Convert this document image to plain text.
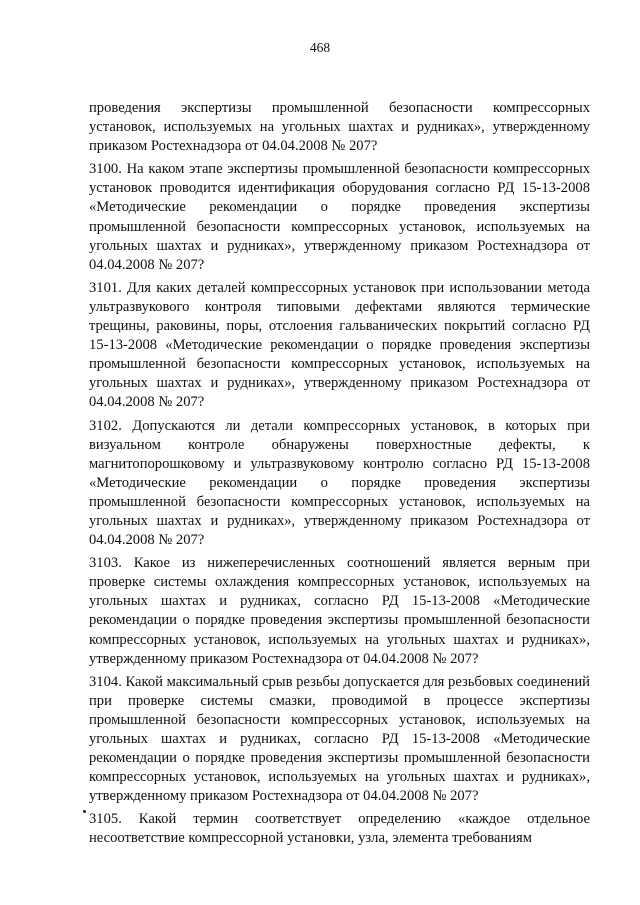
468

проведения экспертизы промышленной безопасности компрессорных установок, используемых на угольных шахтах и рудниках», утвержденному приказом Ростехнадзора от 04.04.2008 № 207?

3100. На каком этапе экспертизы промышленной безопасности компрессорных установок проводится идентификация оборудования согласно РД 15-13-2008 «Методические рекомендации о порядке проведения экспертизы промышленной безопасности компрессорных установок, используемых на угольных шахтах и рудниках», утвержденному приказом Ростехнадзора от 04.04.2008 № 207?

3101. Для каких деталей компрессорных установок при использовании метода ультразвукового контроля типовыми дефектами являются термические трещины, раковины, поры, отслоения гальванических покрытий согласно РД 15-13-2008 «Методические рекомендации о порядке проведения экспертизы промышленной безопасности компрессорных установок, используемых на угольных шахтах и рудниках», утвержденному приказом Ростехнадзора от 04.04.2008 № 207?

3102. Допускаются ли детали компрессорных установок, в которых при визуальном контроле обнаружены поверхностные дефекты, к магнитопорошковому и ультразвуковому контролю согласно РД 15-13-2008 «Методические рекомендации о порядке проведения экспертизы промышленной безопасности компрессорных установок, используемых на угольных шахтах и рудниках», утвержденному приказом Ростехнадзора от 04.04.2008 № 207?

3103. Какое из нижеперечисленных соотношений является верным при проверке системы охлаждения компрессорных установок, используемых на угольных шахтах и рудниках, согласно РД 15-13-2008 «Методические рекомендации о порядке проведения экспертизы промышленной безопасности компрессорных установок, используемых на угольных шахтах и рудниках», утвержденному приказом Ростехнадзора от 04.04.2008 № 207?

3104. Какой максимальный срыв резьбы допускается для резьбовых соединений при проверке системы смазки, проводимой в процессе экспертизы промышленной безопасности компрессорных установок, используемых на угольных шахтах и рудниках, согласно РД 15-13-2008 «Методические рекомендации о порядке проведения экспертизы промышленной безопасности компрессорных установок, используемых на угольных шахтах и рудниках», утвержденному приказом Ростехнадзора от 04.04.2008 № 207?

3105. Какой термин соответствует определению «каждое отдельное несоответствие компрессорной установки, узла, элемента требованиям
